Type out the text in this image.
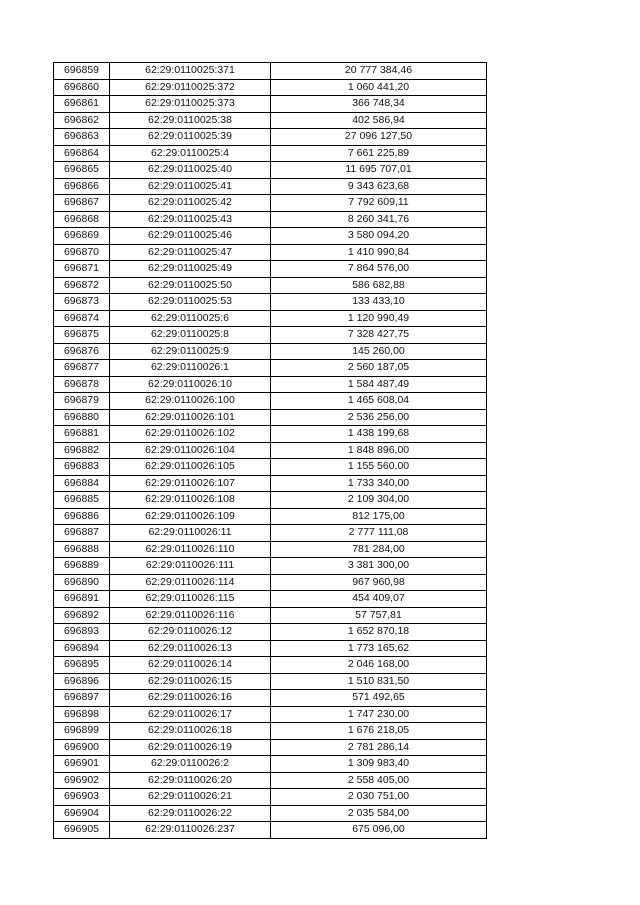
696859	62:29:0110025:371	20 777 384,46
696860	62:29:0110025:372	1 060 441,20
696861	62:29:0110025:373	366 748,34
696862	62:29:0110025:38	402 586,94
696863	62:29:0110025:39	27 096 127,50
696864	62:29:0110025:4	7 661 225,89
696865	62:29:0110025:40	11 695 707,01
696866	62:29:0110025:41	9 343 623,68
696867	62:29:0110025:42	7 792 609,11
696868	62:29:0110025:43	8 260 341,76
696869	62:29:0110025:46	3 580 094,20
696870	62:29:0110025:47	1 410 990,84
696871	62:29:0110025:49	7 864 576,00
696872	62:29:0110025:50	586 682,88
696873	62:29:0110025:53	133 433,10
696874	62:29:0110025:6	1 120 990,49
696875	62:29:0110025:8	7 328 427,75
696876	62:29:0110025:9	145 260,00
696877	62:29:0110026:1	2 560 187,05
696878	62:29:0110026:10	1 584 487,49
696879	62:29:0110026:100	1 465 608,04
696880	62:29:0110026:101	2 536 256,00
696881	62:29:0110026:102	1 438 199,68
696882	62:29:0110026:104	1 848 896,00
696883	62:29:0110026:105	1 155 560,00
696884	62:29:0110026:107	1 733 340,00
696885	62:29:0110026:108	2 109 304,00
696886	62:29:0110026:109	812 175,00
696887	62:29:0110026:11	2 777 111,08
696888	62:29:0110026:110	781 284,00
696889	62:29:0110026:111	3 381 300,00
696890	62:29:0110026:114	967 960,98
696891	62:29:0110026:115	454 409,07
696892	62:29:0110026:116	57 757,81
696893	62:29:0110026:12	1 652 870,18
696894	62:29:0110026:13	1 773 165,62
696895	62:29:0110026:14	2 046 168,00
696896	62:29:0110026:15	1 510 831,50
696897	62:29:0110026:16	571 492,65
696898	62:29:0110026:17	1 747 230,00
696899	62:29:0110026:18	1 676 218,05
696900	62:29:0110026:19	2 781 286,14
696901	62:29:0110026:2	1 309 983,40
696902	62:29:0110026:20	2 558 405,00
696903	62:29:0110026:21	2 030 751,00
696904	62:29:0110026:22	2 035 584,00
696905	62:29:0110026:237	675 096,00
